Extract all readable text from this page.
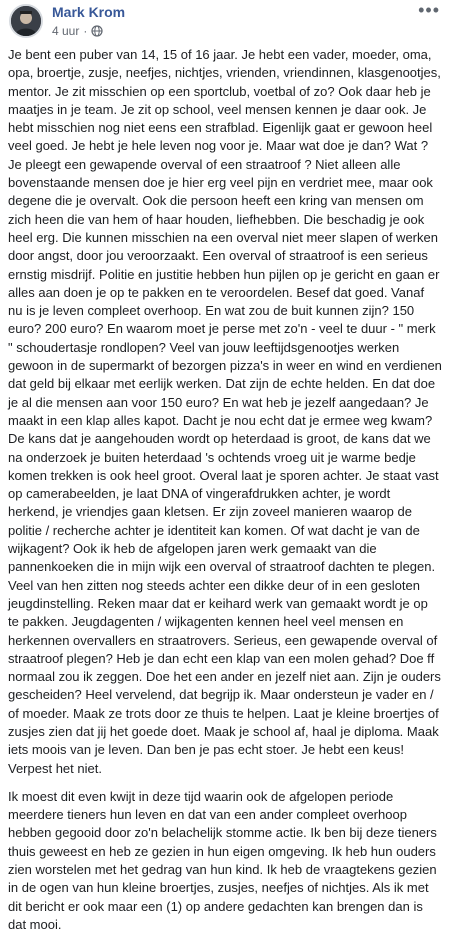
Mark Krom
4 uur ·
•••

Je bent een puber van 14, 15 of 16 jaar. Je hebt een vader, moeder, oma, opa, broertje, zusje, neefjes, nichtjes, vrienden, vriendinnen, klasgenootjes, mentor. Je zit misschien op een sportclub, voetbal of zo? Ook daar heb je maatjes in je team. Je zit op school, veel mensen kennen je daar ook. Je hebt misschien nog niet eens een strafblad. Eigenlijk gaat er gewoon heel veel goed. Je hebt je hele leven nog voor je. Maar wat doe je dan? Wat ? Je pleegt een gewapende overval of een straatroof ? Niet alleen alle bovenstaande mensen doe je hier erg veel pijn en verdriet mee, maar ook degene die je overvalt. Ook die persoon heeft een kring van mensen om zich heen die van hem of haar houden, liefhebben. Die beschadig je ook heel erg. Die kunnen misschien na een overval niet meer slapen of werken door angst, door jou veroorzaakt. Een overval of straatroof is een serieus ernstig misdrijf. Politie en justitie hebben hun pijlen op je gericht en gaan er alles aan doen je op te pakken en te veroordelen. Besef dat goed. Vanaf nu is je leven compleet overhoop. En wat zou de buit kunnen zijn? 150 euro? 200 euro? En waarom moet je perse met zo'n - veel te duur - " merk " schoudertasje rondlopen? Veel van jouw leeftijdsgenootjes werken gewoon in de supermarkt of bezorgen pizza's in weer en wind en verdienen dat geld bij elkaar met eerlijk werken. Dat zijn de echte helden. En dat doe je al die mensen aan voor 150 euro? En wat heb je jezelf aangedaan? Je maakt in een klap alles kapot. Dacht je nou echt dat je ermee weg kwam? De kans dat je aangehouden wordt op heterdaad is groot, de kans dat we na onderzoek je buiten heterdaad 's ochtends vroeg uit je warme bedje komen trekken is ook heel groot. Overal laat je sporen achter. Je staat vast op camerabeelden, je laat DNA of vingerafdrukken achter, je wordt herkend, je vriendjes gaan kletsen. Er zijn zoveel manieren waarop de politie / recherche achter je identiteit kan komen. Of wat dacht je van de wijkagent? Ook ik heb de afgelopen jaren werk gemaakt van die pannenkoeken die in mijn wijk een overval of straatroof dachten te plegen. Veel van hen zitten nog steeds achter een dikke deur of in een gesloten jeugdinstelling. Reken maar dat er keihard werk van gemaakt wordt je op te pakken. Jeugdagenten / wijkagenten kennen heel veel mensen en herkennen overvallers en straatrovers. Serieus, een gewapende overval of straatroof plegen? Heb je dan echt een klap van een molen gehad? Doe ff normaal zou ik zeggen. Doe het een ander en jezelf niet aan. Zijn je ouders gescheiden? Heel vervelend, dat begrijp ik. Maar ondersteun je vader en / of moeder. Maak ze trots door ze thuis te helpen. Laat je kleine broertjes of zusjes zien dat jij het goede doet. Maak je school af, haal je diploma. Maak iets moois van je leven. Dan ben je pas echt stoer. Je hebt een keus! Verpest het niet.

Ik moest dit even kwijt in deze tijd waarin ook de afgelopen periode meerdere tieners hun leven en dat van een ander compleet overhoop hebben gegooid door zo'n belachelijk stomme actie. Ik ben bij deze tieners thuis geweest en heb ze gezien in hun eigen omgeving. Ik heb hun ouders zien worstelen met het gedrag van hun kind. Ik heb de vraagtekens gezien in de ogen van hun kleine broertjes, zusjes, neefjes of nichtjes. Als ik met dit bericht er ook maar een (1) op andere gedachten kan brengen dan is dat mooi.
